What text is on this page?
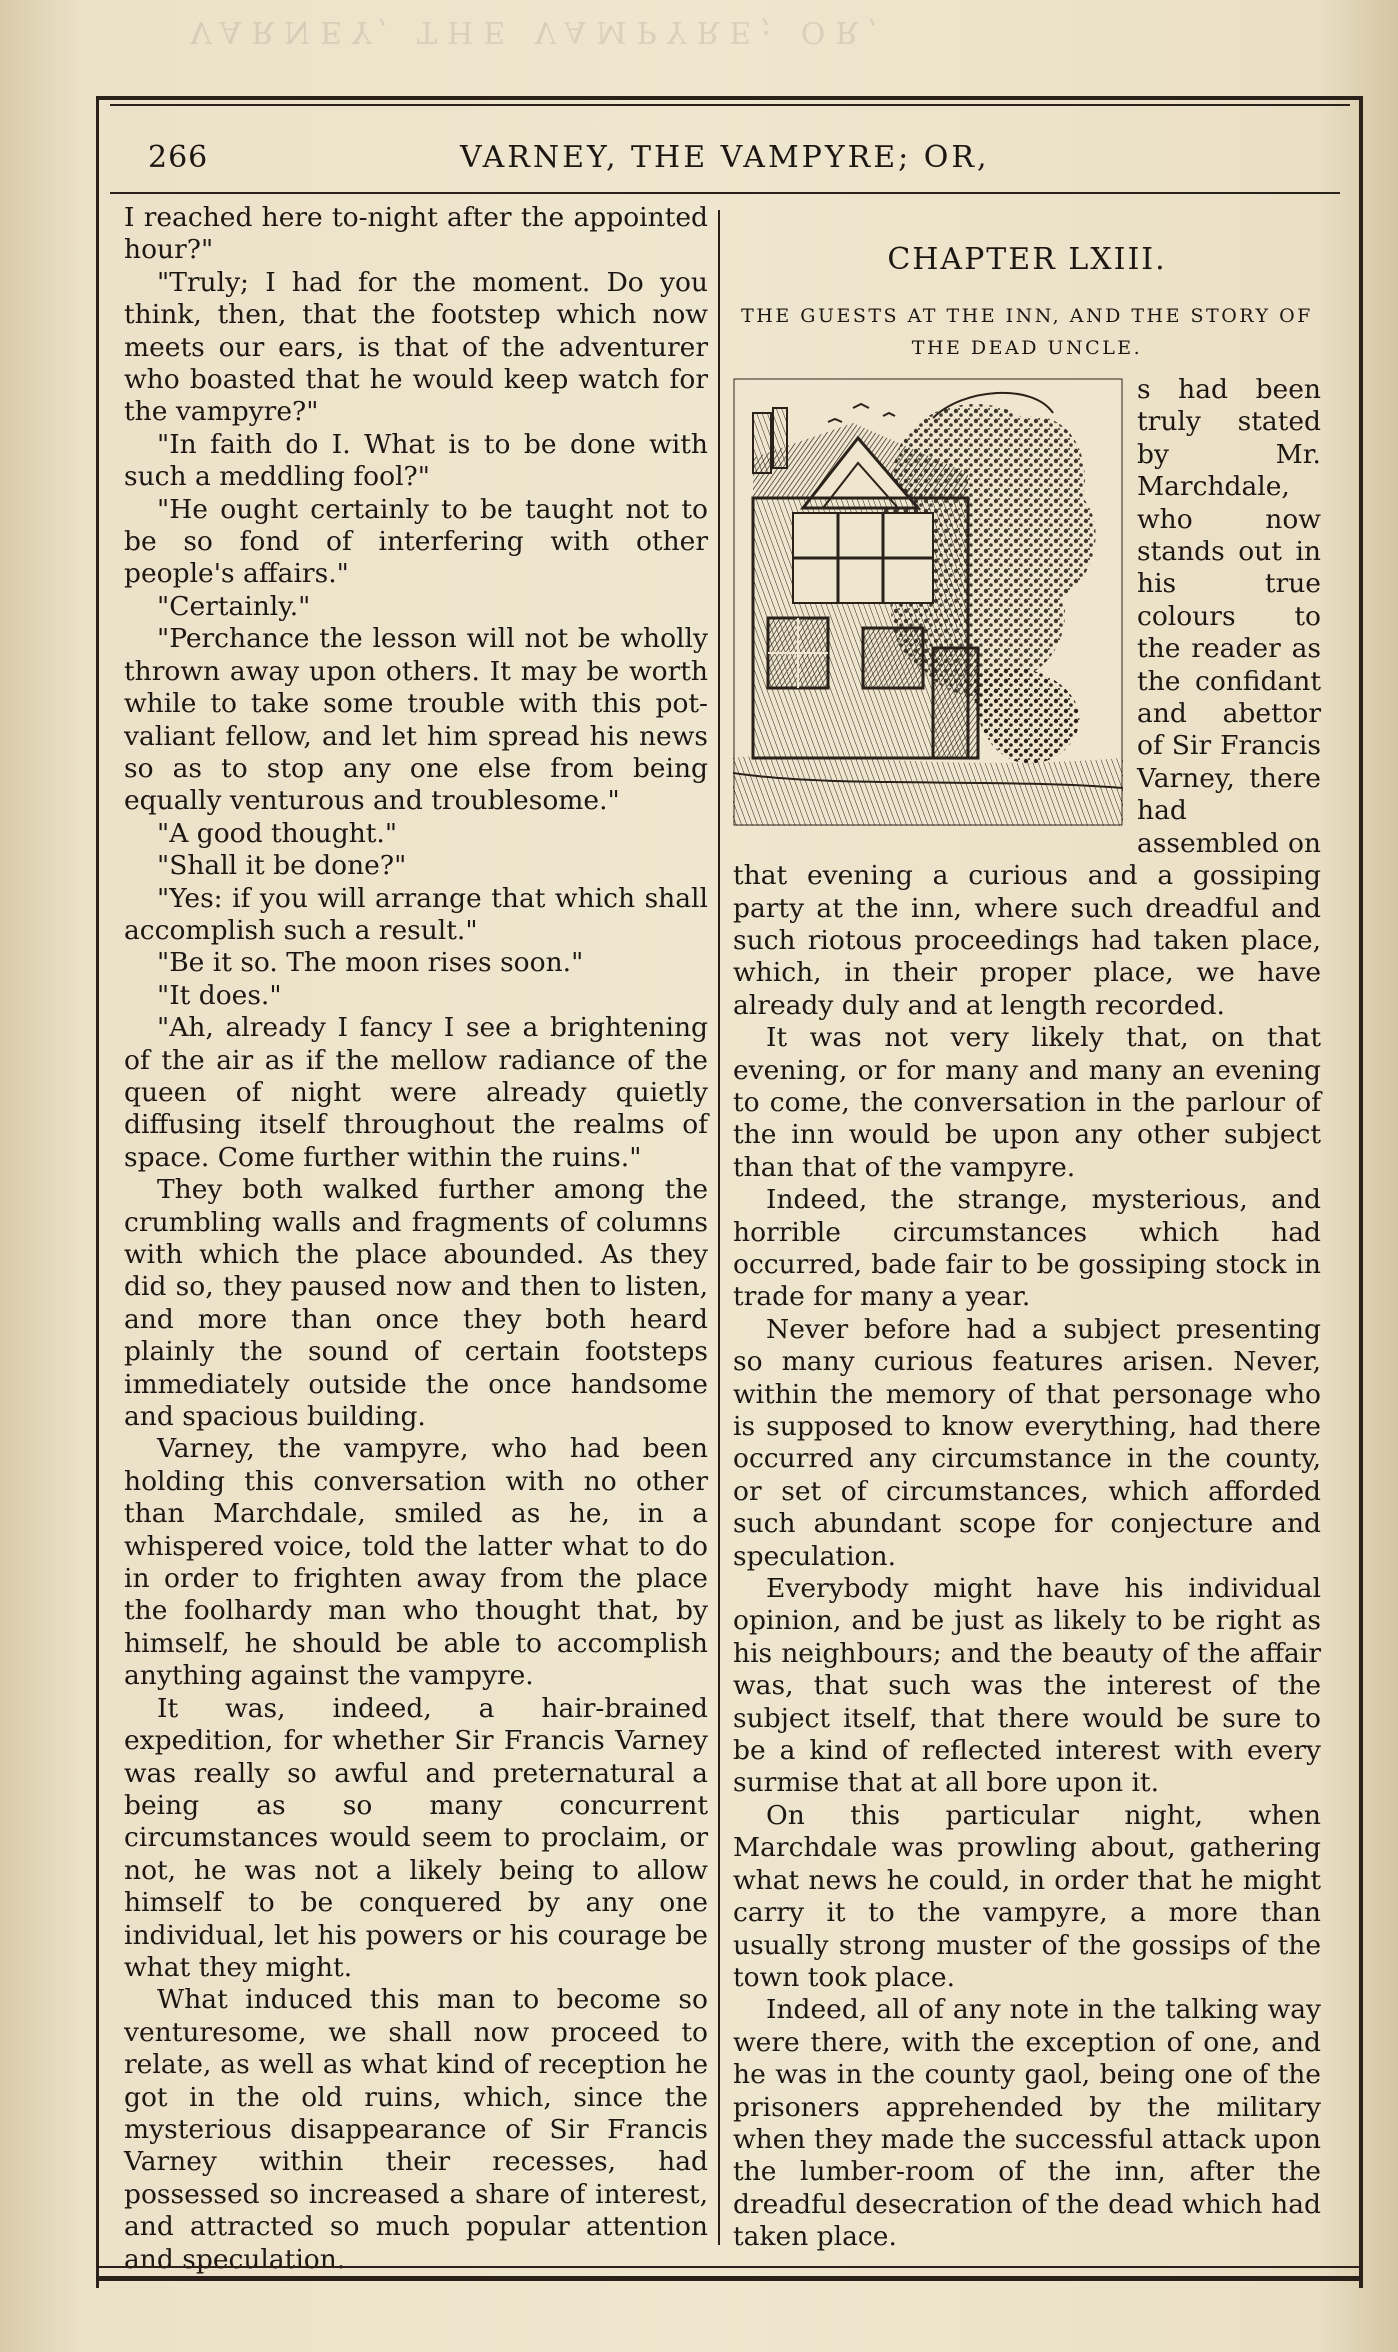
VARNEY, THE VAMPYRE; OR,
266	VARNEY, THE VAMPYRE; OR,

I reached here to-night after the appointed hour?"

"Truly; I had for the moment. Do you think, then, that the footstep which now meets our ears, is that of the adventurer who boasted that he would keep watch for the vampyre?"

"In faith do I. What is to be done with such a meddling fool?"

"He ought certainly to be taught not to be so fond of interfering with other people's affairs."

"Certainly."

"Perchance the lesson will not be wholly thrown away upon others. It may be worth while to take some trouble with this pot-valiant fellow, and let him spread his news so as to stop any one else from being equally venturous and troublesome."

"A good thought."

"Shall it be done?"

"Yes: if you will arrange that which shall accomplish such a result."

"Be it so. The moon rises soon."

"It does."

"Ah, already I fancy I see a brightening of the air as if the mellow radiance of the queen of night were already quietly diffusing itself throughout the realms of space. Come further within the ruins."

They both walked further among the crumbling walls and fragments of columns with which the place abounded. As they did so, they paused now and then to listen, and more than once they both heard plainly the sound of certain footsteps immediately outside the once handsome and spacious building.

Varney, the vampyre, who had been holding this conversation with no other than Marchdale, smiled as he, in a whispered voice, told the latter what to do in order to frighten away from the place the foolhardy man who thought that, by himself, he should be able to accomplish anything against the vampyre.

It was, indeed, a hair-brained expedition, for whether Sir Francis Varney was really so awful and preternatural a being as so many concurrent circumstances would seem to proclaim, or not, he was not a likely being to allow himself to be conquered by any one individual, let his powers or his courage be what they might.

What induced this man to become so venturesome, we shall now proceed to relate, as well as what kind of reception he got in the old ruins, which, since the mysterious disappearance of Sir Francis Varney within their recesses, had possessed so increased a share of interest, and attracted so much popular attention and speculation.

CHAPTER LXIII.
THE GUESTS AT THE INN, AND THE STORY OF THE DEAD UNCLE.

s had been truly stated by Mr. Marchdale, who now stands out in his true colours to the reader as the confidant and abettor of Sir Francis Varney, there had assembled on that evening a curious and a gossiping party at the inn, where such dreadful and such riotous proceedings had taken place, which, in their proper place, we have already duly and at length recorded.

It was not very likely that, on that evening, or for many and many an evening to come, the conversation in the parlour of the inn would be upon any other subject than that of the vampyre.

Indeed, the strange, mysterious, and horrible circumstances which had occurred, bade fair to be gossiping stock in trade for many a year.

Never before had a subject presenting so many curious features arisen. Never, within the memory of that personage who is supposed to know everything, had there occurred any circumstance in the county, or set of circumstances, which afforded such abundant scope for conjecture and speculation.

Everybody might have his individual opinion, and be just as likely to be right as his neighbours; and the beauty of the affair was, that such was the interest of the subject itself, that there would be sure to be a kind of reflected interest with every surmise that at all bore upon it.

On this particular night, when Marchdale was prowling about, gathering what news he could, in order that he might carry it to the vampyre, a more than usually strong muster of the gossips of the town took place.

Indeed, all of any note in the talking way were there, with the exception of one, and he was in the county gaol, being one of the prisoners apprehended by the military when they made the successful attack upon the lumber-room of the inn, after the dreadful desecration of the dead which had taken place.
